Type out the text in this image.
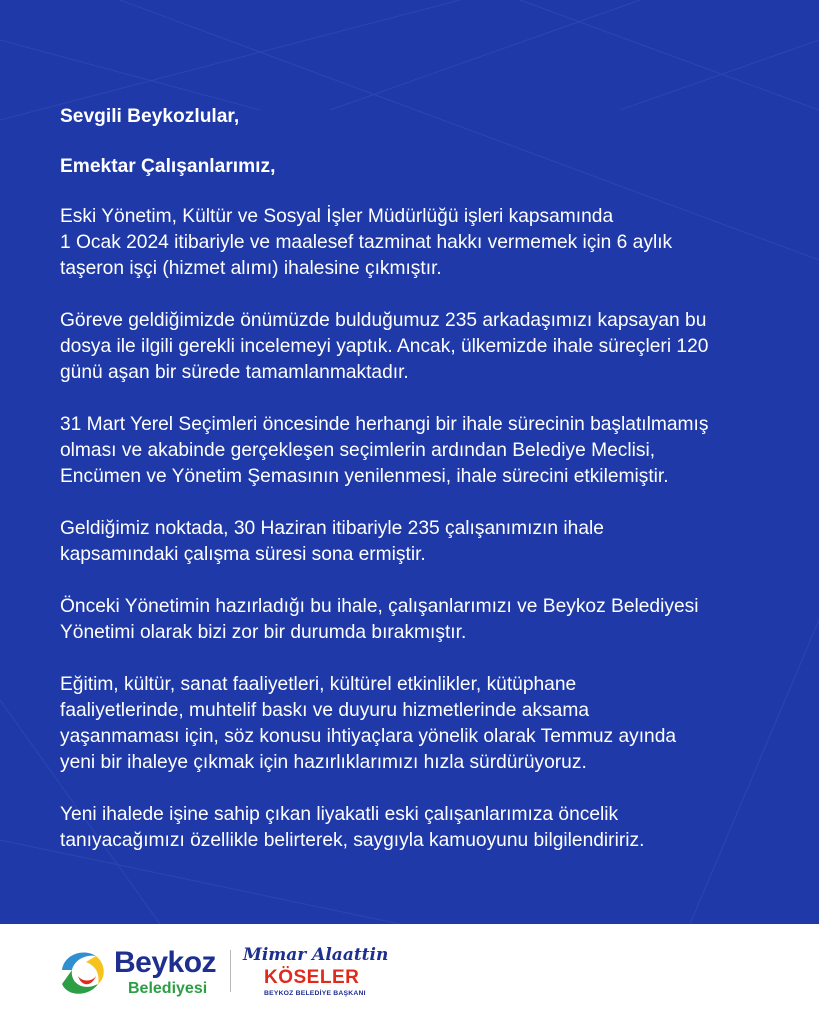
Sevgili Beykozlular,
Emektar Çalışanlarımız,
Eski Yönetim, Kültür ve Sosyal İşler Müdürlüğü işleri kapsamında
1 Ocak 2024 itibariyle ve maalesef tazminat hakkı vermemek için 6 aylık
taşeron işçi (hizmet alımı) ihalesine çıkmıştır.
Göreve geldiğimizde önümüzde bulduğumuz 235 arkadaşımızı kapsayan bu
dosya ile ilgili gerekli incelemeyi yaptık. Ancak, ülkemizde ihale süreçleri 120
günü aşan bir sürede tamamlanmaktadır.
31 Mart Yerel Seçimleri öncesinde herhangi bir ihale sürecinin başlatılmamış
olması ve akabinde gerçekleşen seçimlerin ardından Belediye Meclisi,
Encümen ve Yönetim Şemasının yenilenmesi, ihale sürecini etkilemiştir.
Geldiğimiz noktada, 30 Haziran itibariyle 235 çalışanımızın ihale
kapsamındaki çalışma süresi sona ermiştir.
Önceki Yönetimin hazırladığı bu ihale, çalışanlarımızı ve Beykoz Belediyesi
Yönetimi olarak bizi zor bir durumda bırakmıştır.
Eğitim, kültür, sanat faaliyetleri, kültürel etkinlikler, kütüphane
faaliyetlerinde, muhtelif baskı ve duyuru hizmetlerinde aksama
yaşanmaması için, söz konusu ihtiyaçlara yönelik olarak Temmuz ayında
yeni bir ihaleye çıkmak için hazırlıklarımızı hızla sürdürüyoruz.
Yeni ihalede işine sahip çıkan liyakatli eski çalışanlarımıza öncelik
tanıyacağımızı özellikle belirterek, saygıyla kamuoyunu bilgilendiririz.
Beykoz
Belediyesi
Mimar Alaattin
KÖSELER
BEYKOZ BELEDİYE BAŞKANI
